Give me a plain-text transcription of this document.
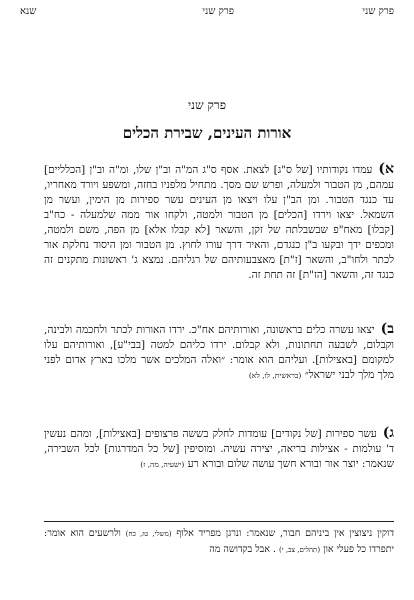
פרק שני
פרק שני
שנא
פרק שני
אורות העינים, שבירת הכלים
א)עמדו נקודותיו [של ס"ג] לצאת. אסף ס"ג המ"ה וב"ן שלו, ומ"ה וב"ן [הכלליים] עמהם, מן הטבור ולמעלה, ופרש שם מסך. מתחיל מלפניו בחזה, ומשפע ויורד מאחריו, עד כנגד הטבור. ומן הב"ן עלו ויצאו מן העינים עשר ספירות מן הימין, ועשר מן השמאל. יצאו וירדו [הכלים] מן הטבור ולמטה, ולקחו אור ממה שלמעלה - כח"ב [קבלו] מאח"פ שבשבלתה של זקן, והשאר [לא קבלו אלא] מן הפה, משם ולמטה, ומכפים ידך ובקעו ב"ן כנגדם, והאיר דרך עורו לחוץ. מן הטבור ומן היסוד נחלקת אור לכתר ולחו"ב, והשאר [ז"ת] מאצבעותיהם של רגליהם. נמצא ג' ראשונות מתקנים זה כנגד זה, והשאר [הז"ת] זה תחת זה.
ב)יצאו עשרה כלים בראשונה, ואורותיהם אח"כ. ירדו האורות לכתר ולחכמה ולבינה, וקבלום, לשבעה תחתונות, ולא קבלום. ירדו כליהם למטה [בבי"ע], ואורותיהם עלו למקומם [באצילות]. ועליהם הוא אומר: ״ואלה המלכים אשר מלכו בארץ אדום לפני מלך מלך לבני ישראל״ (בראשית, לו, לא)
ג)עשר ספירות [של נקודים] עומדות לחלק בששה פרצופים [באצילות], ומהם נעשין ד' עולמות - אצילות בריאה, יצירה עשיה. ומוסיפין [של כל המדרגות] לכל השבירה, שנאמר: יוצר אור ובורא חשך עושה שלום ובורא רע (ישעיה, מה, ז)
דוקין ניצוצין אין ביניהם חבור, שנאמר: ונרגן מפריד אלוף (משלי, טז, כח) ולרשעים הוא אומר: יתפרדו כל פעלי און (תהלים, צב, י) . אבל בקדושה מה
